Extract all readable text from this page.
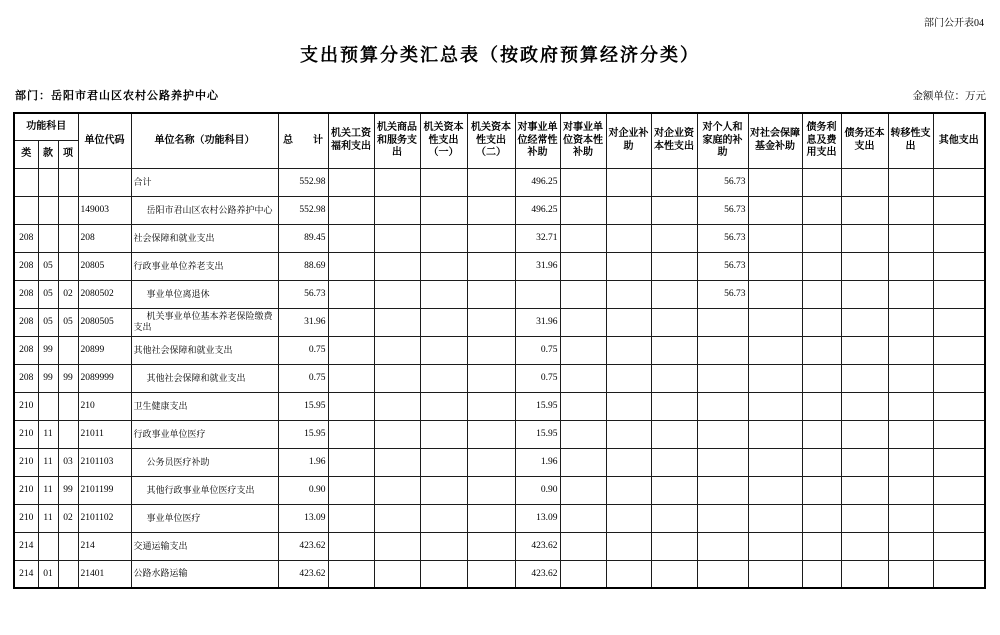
部门公开表04
支出预算分类汇总表（按政府预算经济分类）
部门：岳阳市君山区农村公路养护中心	金额单位：万元
功能科目			单位代码	单位名称（功能科目）	总　　计	机关工资福利支出	机关商品和服务支出	机关资本性支出（一）	机关资本性支出（二）	对事业单位经常性补助	对事业单位资本性补助	对企业补助	对企业资本性支出	对个人和家庭的补助	对社会保障基金补助	债务利息及费用支出	债务还本支出	转移性支出	其他支出
类	款	项																	
				合计	552.98					496.25				56.73					
			149003	岳阳市君山区农村公路养护中心	552.98					496.25				56.73					
208			208	社会保障和就业支出	89.45					32.71				56.73					
208	05		20805	行政事业单位养老支出	88.69					31.96				56.73					
208	05	02	2080502	事业单位离退休	56.73									56.73					
208	05	05	2080505	机关事业单位基本养老保险缴费支出	31.96					31.96									
208	99		20899	其他社会保障和就业支出	0.75					0.75									
208	99	99	2089999	其他社会保障和就业支出	0.75					0.75									
210			210	卫生健康支出	15.95					15.95									
210	11		21011	行政事业单位医疗	15.95					15.95									
210	11	03	2101103	公务员医疗补助	1.96					1.96									
210	11	99	2101199	其他行政事业单位医疗支出	0.90					0.90									
210	11	02	2101102	事业单位医疗	13.09					13.09									
214			214	交通运输支出	423.62					423.62									
214	01		21401	公路水路运输	423.62					423.62									
